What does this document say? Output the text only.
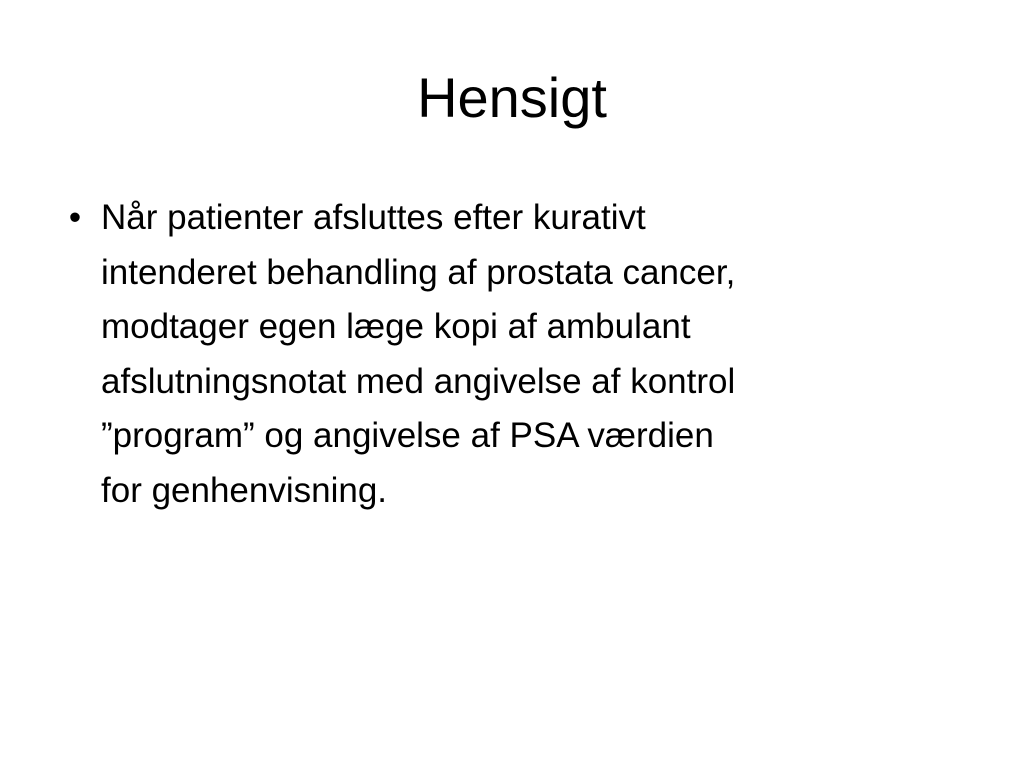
Hensigt
• Når patienter afsluttes efter kurativt
intenderet behandling af prostata cancer,
modtager egen læge kopi af ambulant
afslutningsnotat med angivelse af kontrol
”program” og angivelse af PSA værdien
for genhenvisning.
